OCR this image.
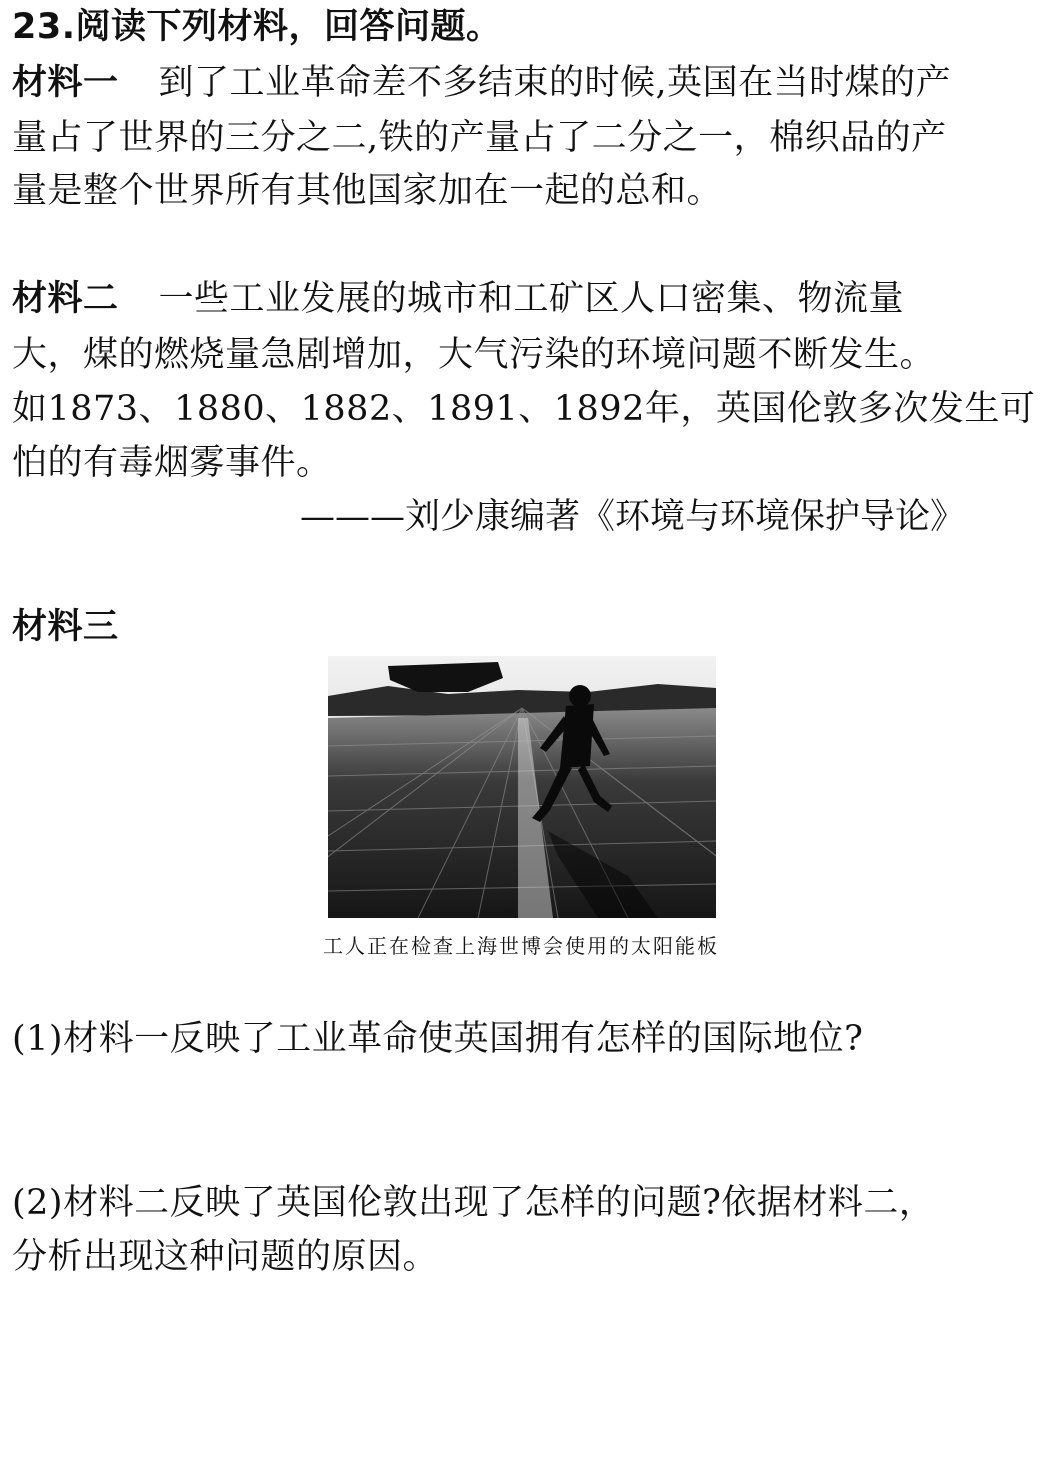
23.阅读下列材料，回答问题。
材料一 到了工业革命差不多结束的时候,英国在当时煤的产
量占了世界的三分之二,铁的产量占了二分之一，棉织品的产
量是整个世界所有其他国家加在一起的总和。
材料二 一些工业发展的城市和工矿区人口密集、物流量
大，煤的燃烧量急剧增加，大气污染的环境问题不断发生。
如1873、1880、1882、1891、1892年，英国伦敦多次发生可
怕的有毒烟雾事件。
———刘少康编著《环境与环境保护导论》
材料三
工人正在检查上海世博会使用的太阳能板
(1)材料一反映了工业革命使英国拥有怎样的国际地位?
(2)材料二反映了英国伦敦出现了怎样的问题?依据材料二，
分析出现这种问题的原因。
